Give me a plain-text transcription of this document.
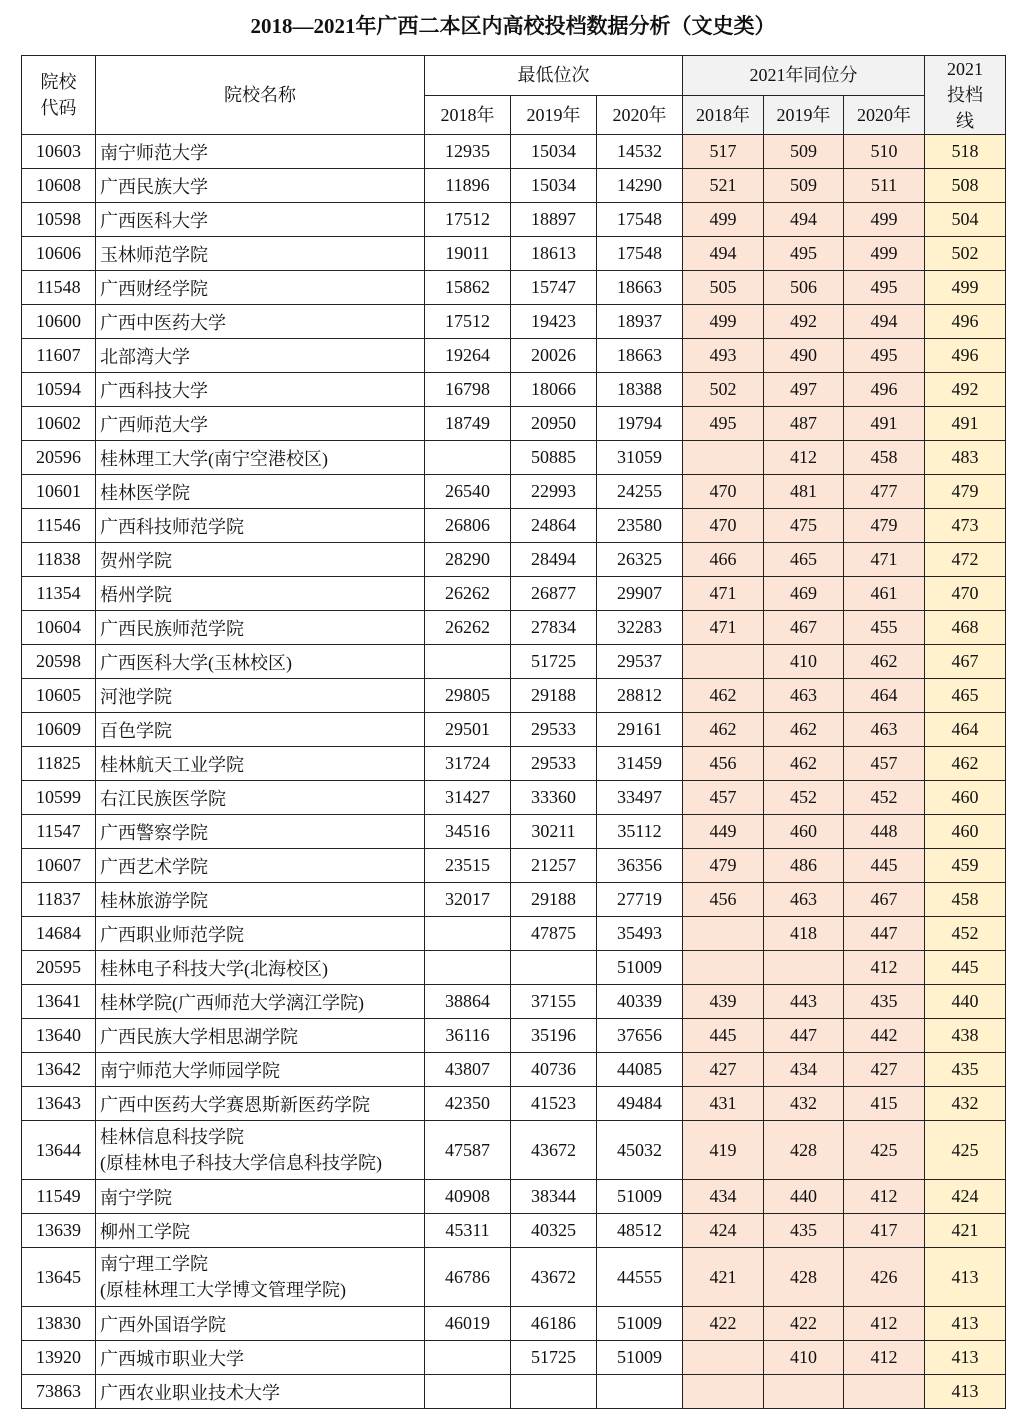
2018—2021年广西二本区内高校投档数据分析（文史类）
院校代码	院校名称	最低位次			2021年同位分			2021投档线
		2018年	2019年	2020年	2018年	2019年	2020年	
10603	南宁师范大学	12935	15034	14532	517	509	510	518
10608	广西民族大学	11896	15034	14290	521	509	511	508
10598	广西医科大学	17512	18897	17548	499	494	499	504
10606	玉林师范学院	19011	18613	17548	494	495	499	502
11548	广西财经学院	15862	15747	18663	505	506	495	499
10600	广西中医药大学	17512	19423	18937	499	492	494	496
11607	北部湾大学	19264	20026	18663	493	490	495	496
10594	广西科技大学	16798	18066	18388	502	497	496	492
10602	广西师范大学	18749	20950	19794	495	487	491	491
20596	桂林理工大学(南宁空港校区)		50885	31059		412	458	483
10601	桂林医学院	26540	22993	24255	470	481	477	479
11546	广西科技师范学院	26806	24864	23580	470	475	479	473
11838	贺州学院	28290	28494	26325	466	465	471	472
11354	梧州学院	26262	26877	29907	471	469	461	470
10604	广西民族师范学院	26262	27834	32283	471	467	455	468
20598	广西医科大学(玉林校区)		51725	29537		410	462	467
10605	河池学院	29805	29188	28812	462	463	464	465
10609	百色学院	29501	29533	29161	462	462	463	464
11825	桂林航天工业学院	31724	29533	31459	456	462	457	462
10599	右江民族医学院	31427	33360	33497	457	452	452	460
11547	广西警察学院	34516	30211	35112	449	460	448	460
10607	广西艺术学院	23515	21257	36356	479	486	445	459
11837	桂林旅游学院	32017	29188	27719	456	463	467	458
14684	广西职业师范学院		47875	35493		418	447	452
20595	桂林电子科技大学(北海校区)			51009			412	445
13641	桂林学院(广西师范大学漓江学院)	38864	37155	40339	439	443	435	440
13640	广西民族大学相思湖学院	36116	35196	37656	445	447	442	438
13642	南宁师范大学师园学院	43807	40736	44085	427	434	427	435
13643	广西中医药大学赛恩斯新医药学院	42350	41523	49484	431	432	415	432
13644	桂林信息科技学院
(原桂林电子科技大学信息科技学院)	47587	43672	45032	419	428	425	425
11549	南宁学院	40908	38344	51009	434	440	412	424
13639	柳州工学院	45311	40325	48512	424	435	417	421
13645	南宁理工学院
(原桂林理工大学博文管理学院)	46786	43672	44555	421	428	426	413
13830	广西外国语学院	46019	46186	51009	422	422	412	413
13920	广西城市职业大学		51725	51009		410	412	413
73863	广西农业职业技术大学							413
